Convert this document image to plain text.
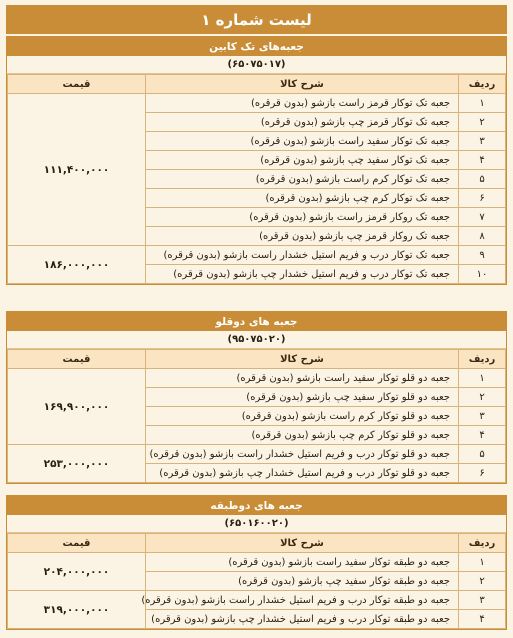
لیست شماره ۱
جعبه‌های تک کابین
(۶۵۰۷۵۰۱۷)
ردیف	شرح کالا	قیمت
۱	جعبه تک توکار قرمز راست بازشو (بدون قرقره)	۱۱۱,۴۰۰,۰۰۰
۲	جعبه تک توکار قرمز چپ بازشو (بدون قرقره)	
۳	جعبه تک توکار سفید راست بازشو (بدون قرقره)	
۴	جعبه تک توکار سفید چپ بازشو (بدون قرقره)	
۵	جعبه تک توکار کرم راست بازشو (بدون قرقره)	
۶	جعبه تک توکار کرم چپ بازشو (بدون قرقره)	
۷	جعبه تک روکار قرمز راست بازشو (بدون قرقره)	
۸	جعبه تک روکار قرمز چپ بازشو (بدون قرقره)	
۹	جعبه تک توکار درب و فریم استیل خشدار راست بازشو (بدون قرقره)	۱۸۶,۰۰۰,۰۰۰
۱۰	جعبه تک توکار درب و فریم استیل خشدار چپ بازشو (بدون قرقره)	
جعبه های دوقلو
(۹۵۰۷۵۰۲۰)
ردیف	شرح کالا	قیمت
۱	جعبه دو قلو توکار سفید راست بازشو (بدون قرقره)	۱۶۹,۹۰۰,۰۰۰
۲	جعبه دو قلو توکار سفید چپ بازشو (بدون قرقره)	
۳	جعبه دو قلو توکار کرم راست بازشو (بدون قرقره)	
۴	جعبه دو قلو توکار کرم چپ بازشو (بدون قرقره)	
۵	جعبه دو قلو توکار درب و فریم استیل خشدار راست بازشو (بدون قرقره)	۲۵۳,۰۰۰,۰۰۰
۶	جعبه دو قلو توکار درب و فریم استیل خشدار چپ بازشو (بدون قرقره)	
جعبه های دوطبقه
(۶۵۰۱۶۰۰۲۰)
ردیف	شرح کالا	قیمت
۱	جعبه دو طبقه توکار سفید راست بازشو (بدون قرقره)	۲۰۴,۰۰۰,۰۰۰
۲	جعبه دو طبقه توکار سفید چپ بازشو (بدون قرقره)	
۳	جعبه دو طبقه توکار درب و فریم استیل خشدار راست بازشو (بدون قرقره)	۳۱۹,۰۰۰,۰۰۰
۴	جعبه دو طبقه توکار درب و فریم استیل خشدار چپ بازشو (بدون قرقره)	
